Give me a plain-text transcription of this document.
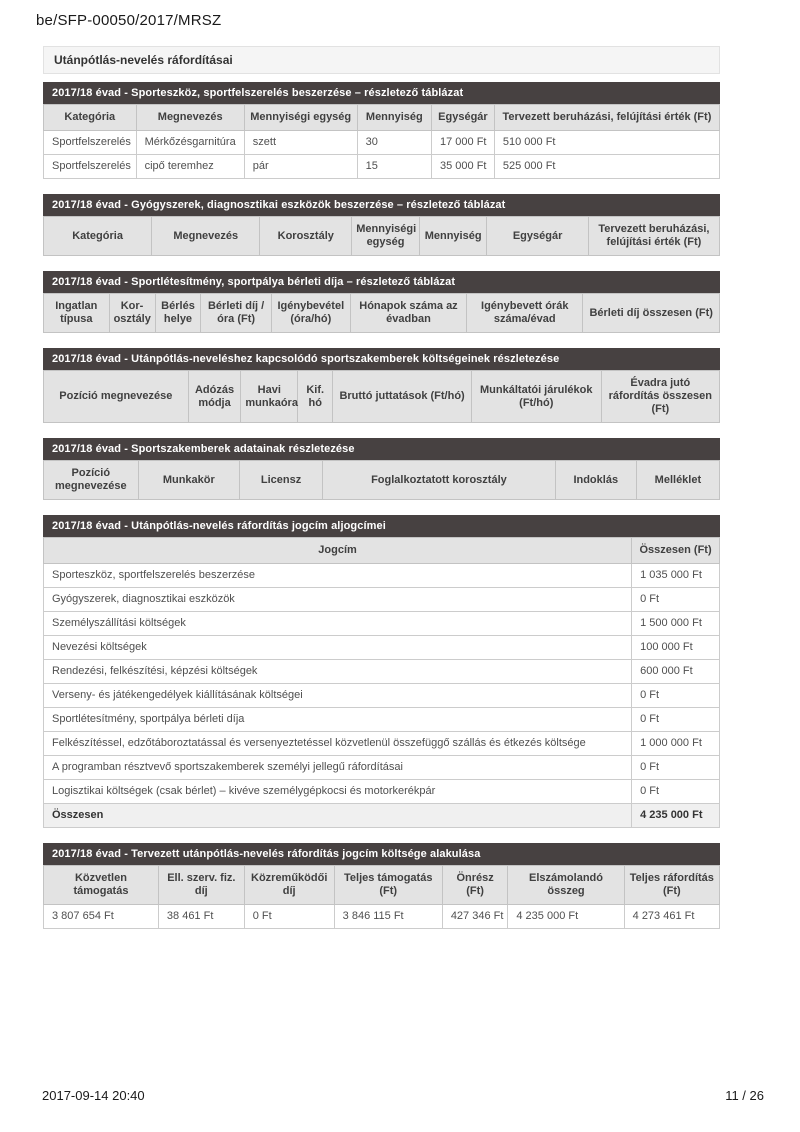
be/SFP-00050/2017/MRSZ
Utánpótlás-nevelés ráfordításai
2017/18 évad - Sporteszköz, sportfelszerelés beszerzése – részletező táblázat
Kategória	Megnevezés	Mennyiségi egység	Mennyiség	Egységár	Tervezett beruházási, felújítási érték (Ft)
Sportfelszerelés	Mérkőzésgarnitúra	szett	30	17 000 Ft	510 000 Ft
Sportfelszerelés	cipő teremhez	pár	15	35 000 Ft	525 000 Ft
2017/18 évad - Gyógyszerek, diagnosztikai eszközök beszerzése – részletező táblázat
Kategória	Megnevezés	Korosztály	Mennyiségi egység	Mennyiség	Egységár	Tervezett beruházási, felújítási érték (Ft)
2017/18 évad - Sportlétesítmény, sportpálya bérleti díja – részletező táblázat
Ingatlan típusa	Kor- osztály	Bérlés helye	Bérleti díj / óra (Ft)	Igénybevétel (óra/hó)	Hónapok száma az évadban	Igénybevett órák száma/évad	Bérleti díj összesen (Ft)
2017/18 évad - Utánpótlás-neveléshez kapcsolódó sportszakemberek költségeinek részletezése
Pozíció megnevezése	Adózás módja	Havi munkaóra	Kif. hó	Bruttó juttatások (Ft/hó)	Munkáltatói járulékok (Ft/hó)	Évadra jutó ráfordítás összesen (Ft)
2017/18 évad - Sportszakemberek adatainak részletezése
Pozíció megnevezése	Munkakör	Licensz	Foglalkoztatott korosztály	Indoklás	Melléklet
2017/18 évad - Utánpótlás-nevelés ráfordítás jogcím aljogcímei
Jogcím	Összesen (Ft)
Sporteszköz, sportfelszerelés beszerzése	1 035 000 Ft
Gyógyszerek, diagnosztikai eszközök	0 Ft
Személyszállítási költségek	1 500 000 Ft
Nevezési költségek	100 000 Ft
Rendezési, felkészítési, képzési költségek	600 000 Ft
Verseny- és játékengedélyek kiállításának költségei	0 Ft
Sportlétesítmény, sportpálya bérleti díja	0 Ft
Felkészítéssel, edzőtáboroztatással és versenyeztetéssel közvetlenül összefüggő szállás és étkezés költsége	1 000 000 Ft
A programban résztvevő sportszakemberek személyi jellegű ráfordításai	0 Ft
Logisztikai költségek (csak bérlet) – kivéve személygépkocsi és motorkerékpár	0 Ft
Összesen	4 235 000 Ft
2017/18 évad - Tervezett utánpótlás-nevelés ráfordítás jogcím költsége alakulása
Közvetlen támogatás	Ell. szerv. fiz. díj	Közreműködői díj	Teljes támogatás (Ft)	Önrész (Ft)	Elszámolandó összeg	Teljes ráfordítás (Ft)
3 807 654 Ft	38 461 Ft	0 Ft	3 846 115 Ft	427 346 Ft	4 235 000 Ft	4 273 461 Ft
2017-09-14 20:40	11 / 26
